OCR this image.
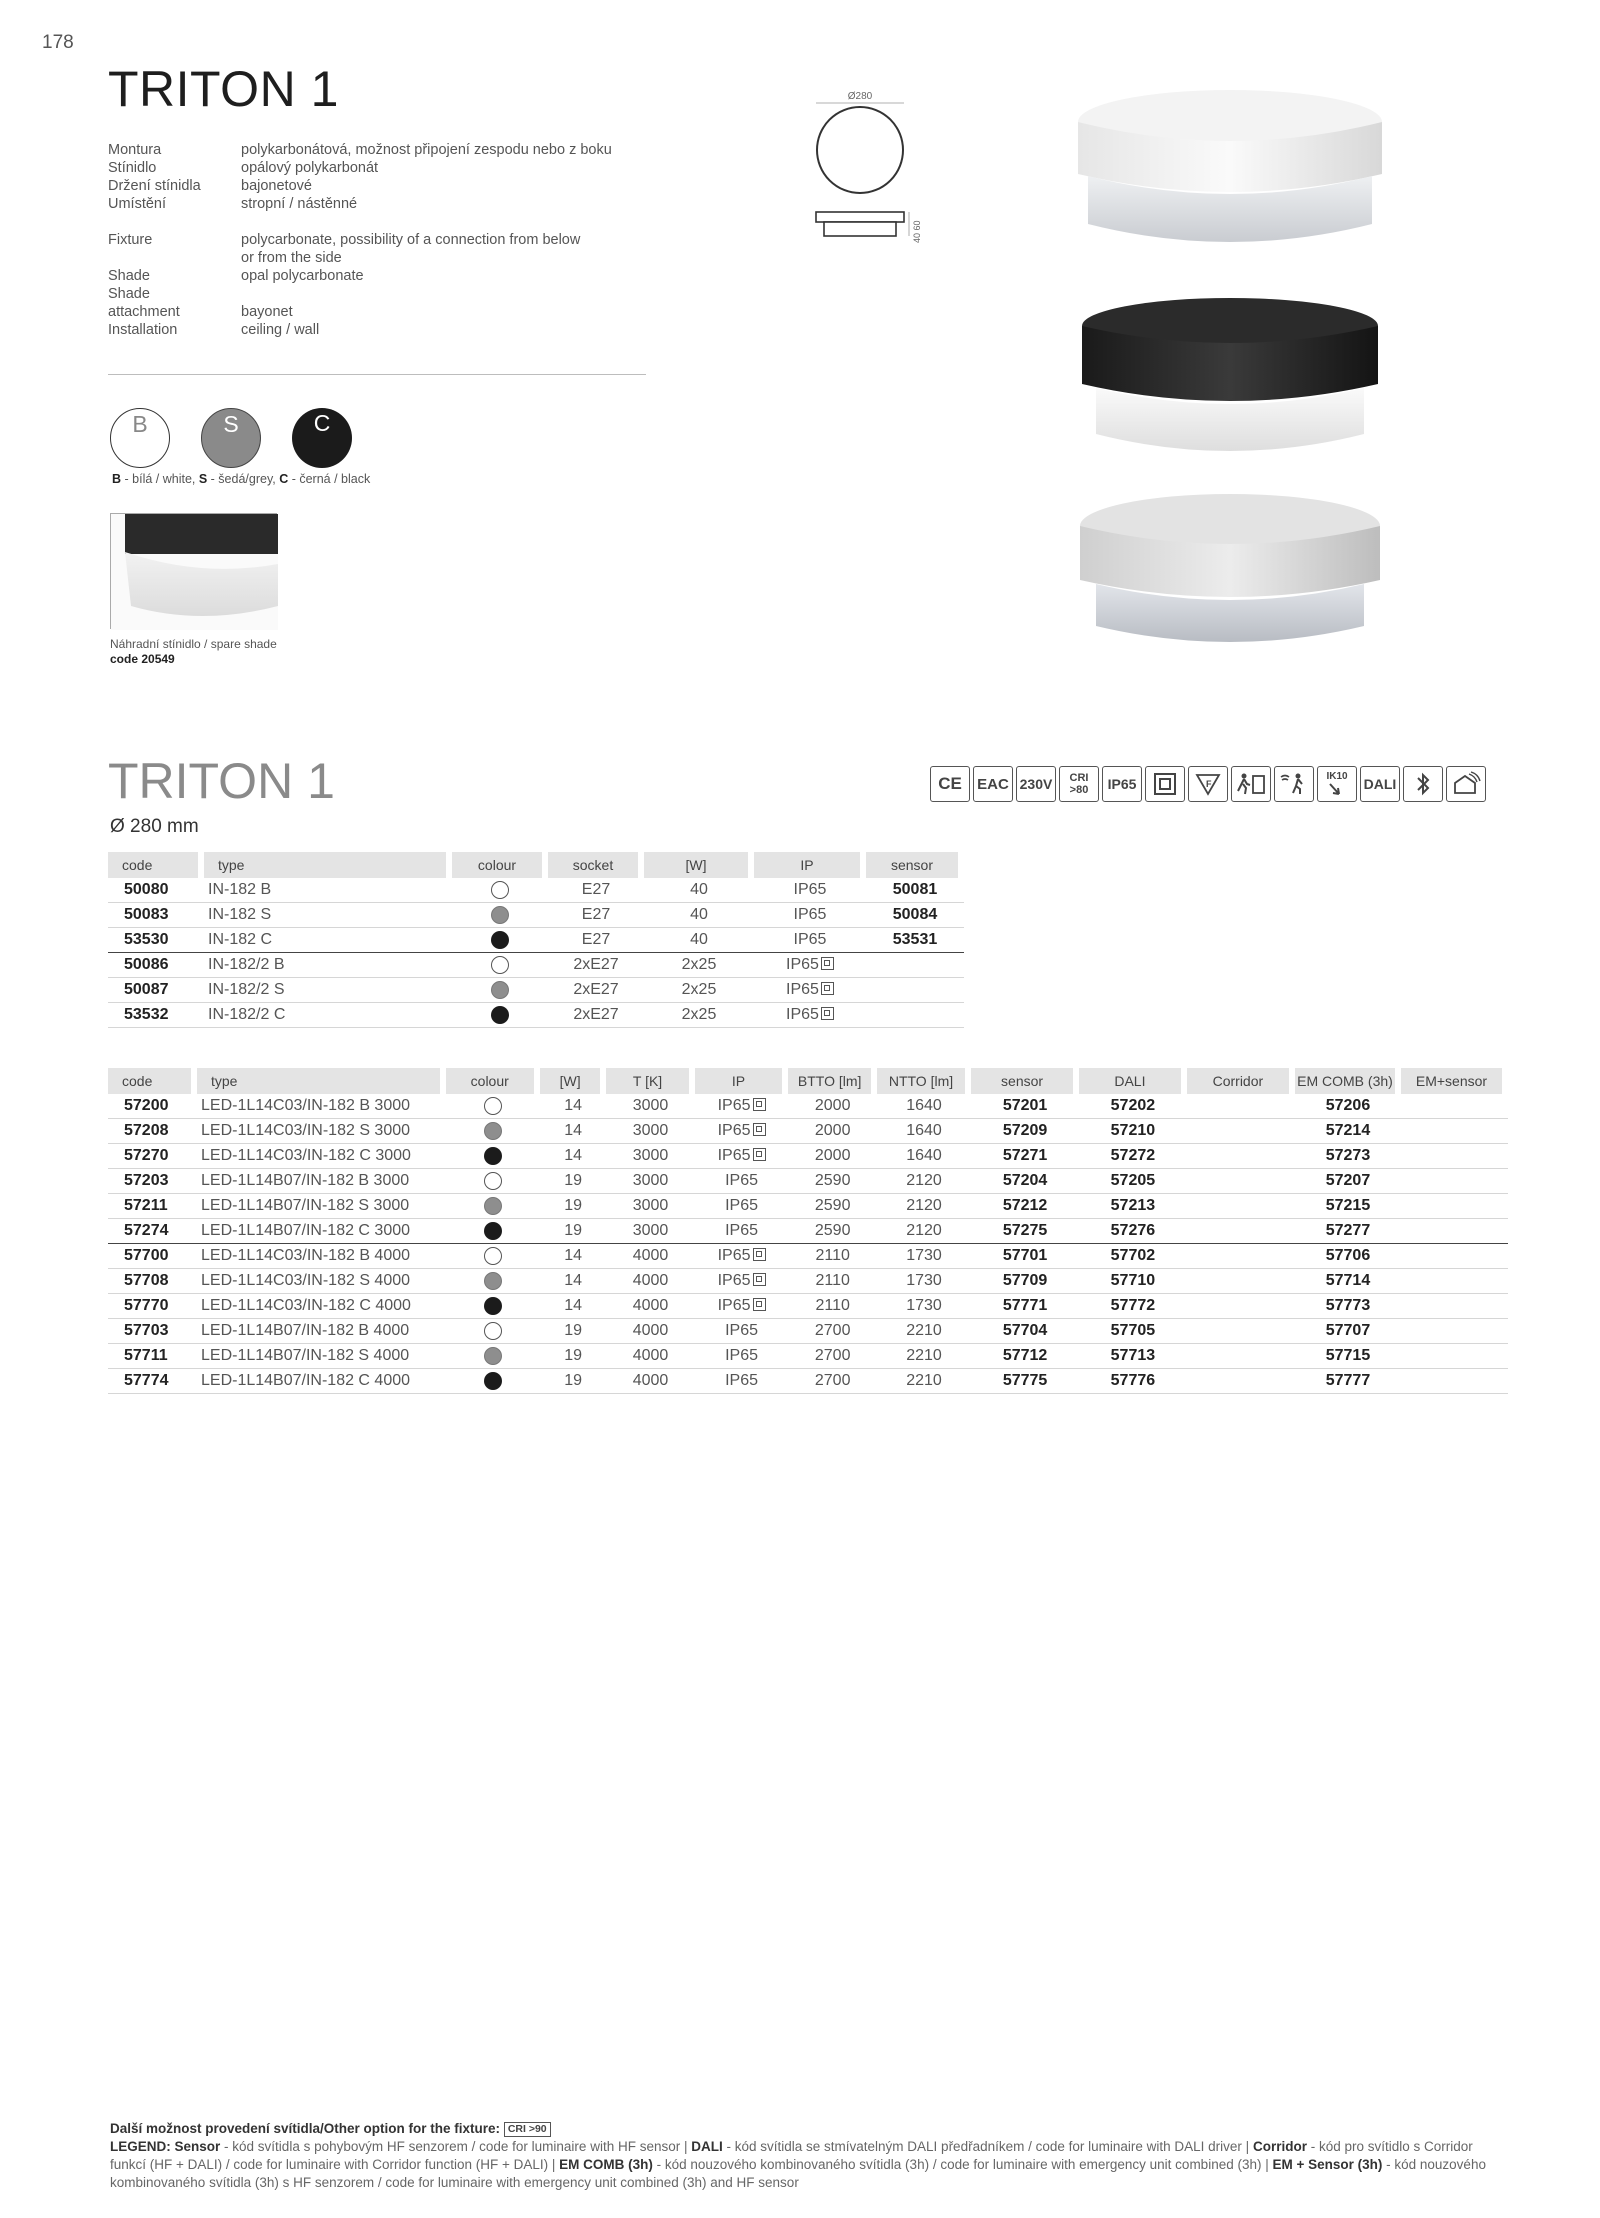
178
TRITON 1
Montura	polykarbonátová, možnost připojení zespodu nebo z boku
Stínidlo	opálový polykarbonát
Držení stínidla	bajonetové
Umístění	stropní / nástěnné
Fixture	polycarbonate, possibility of a connection from below
or from the side
Shade	opal polycarbonate
Shade
attachment	bayonet
Installation	ceiling / wall
B	S	C
B - bílá / white, S - šedá/grey, C - černá / black
Náhradní stínidlo / spare shade
code 20549
Ø280
40 60
TRITON 1
Ø 280 mm
CE	EAC 230V	CRI
>80	IP65	F
IK10 DALI
code	type	colour	socket	[W]	IP	sensor
50080	IN-182 B		E27	40	IP65	50081
50083	IN-182 S		E27	40	IP65	50084
53530	IN-182 C		E27	40	IP65	53531
50086	IN-182/2 B		2xE27	2x25	IP65	
50087	IN-182/2 S		2xE27	2x25	IP65	
53532	IN-182/2 C		2xE27	2x25	IP65	
code	type	colour	[W]	T [K]	IP	BTTO [lm]	NTTO [lm]	sensor	DALI	Corridor	EM COMB (3h)	EM+sensor
57200	LED-1L14C03/IN-182 B 3000		14	3000	IP65	2000	1640	57201	57202		57206	
57208	LED-1L14C03/IN-182 S 3000		14	3000	IP65	2000	1640	57209	57210		57214	
57270	LED-1L14C03/IN-182 C 3000		14	3000	IP65	2000	1640	57271	57272		57273	
57203	LED-1L14B07/IN-182 B 3000		19	3000	IP65	2590	2120	57204	57205		57207	
57211	LED-1L14B07/IN-182 S 3000		19	3000	IP65	2590	2120	57212	57213		57215	
57274	LED-1L14B07/IN-182 C 3000		19	3000	IP65	2590	2120	57275	57276		57277	
57700	LED-1L14C03/IN-182 B 4000		14	4000	IP65	2110	1730	57701	57702		57706	
57708	LED-1L14C03/IN-182 S 4000		14	4000	IP65	2110	1730	57709	57710		57714	
57770	LED-1L14C03/IN-182 C 4000		14	4000	IP65	2110	1730	57771	57772		57773	
57703	LED-1L14B07/IN-182 B 4000		19	4000	IP65	2700	2210	57704	57705		57707	
57711	LED-1L14B07/IN-182 S 4000		19	4000	IP65	2700	2210	57712	57713		57715	
57774	LED-1L14B07/IN-182 C 4000		19	4000	IP65	2700	2210	57775	57776		57777	
Další možnost provedení svítidla/Other option for the fixture: CRI >90
LEGEND: Sensor - kód svítidla s pohybovým HF senzorem / code for luminaire with HF sensor | DALI - kód svítidla se stmívatelným DALI předřadníkem / code for luminaire with DALI driver | Corridor - kód pro svítidlo s Corridor funkcí (HF + DALI) / code for luminaire with Corridor function (HF + DALI) | EM COMB (3h) - kód nouzového kombinovaného svítidla (3h) / code for luminaire with emergency unit combined (3h) | EM + Sensor (3h) - kód nouzového kombinovaného svítidla (3h) s HF senzorem / code for luminaire with emergency unit combined (3h) and HF sensor
